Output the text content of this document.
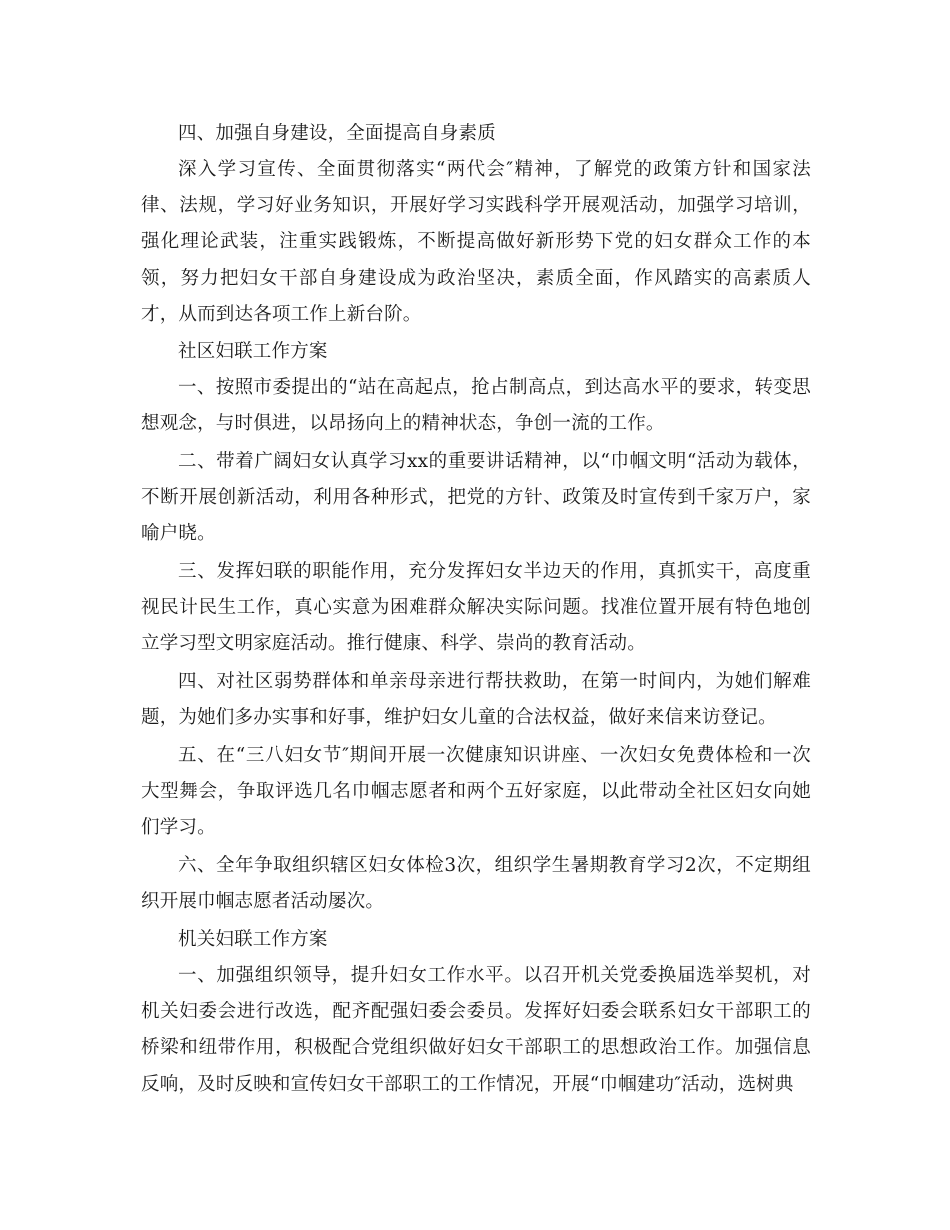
四、加强自身建设，全面提高自身素质

深入学习宣传、全面贯彻落实“两代会″精神，了解党的政策方针和国家法律、法规，学习好业务知识，开展好学习实践科学开展观活动，加强学习培训，强化理论武装，注重实践锻炼，不断提高做好新形势下党的妇女群众工作的本领，努力把妇女干部自身建设成为政治坚决，素质全面，作风踏实的高素质人才，从而到达各项工作上新台阶。

社区妇联工作方案

一、按照市委提出的“站在高起点，抢占制高点，到达高水平的要求，转变思想观念，与时俱进，以昂扬向上的精神状态，争创一流的工作。

二、带着广阔妇女认真学习xx的重要讲话精神，以“巾帼文明“活动为载体，不断开展创新活动，利用各种形式，把党的方针、政策及时宣传到千家万户，家喻户晓。

三、发挥妇联的职能作用，充分发挥妇女半边天的作用，真抓实干，高度重视民计民生工作，真心实意为困难群众解决实际问题。找准位置开展有特色地创立学习型文明家庭活动。推行健康、科学、崇尚的教育活动。

四、对社区弱势群体和单亲母亲进行帮扶救助，在第一时间内，为她们解难题，为她们多办实事和好事，维护妇女儿童的合法权益，做好来信来访登记。

五、在“三八妇女节″期间开展一次健康知识讲座、一次妇女免费体检和一次大型舞会，争取评选几名巾帼志愿者和两个五好家庭，以此带动全社区妇女向她们学习。

六、全年争取组织辖区妇女体检3次，组织学生暑期教育学习2次，不定期组织开展巾帼志愿者活动屡次。

机关妇联工作方案

一、加强组织领导，提升妇女工作水平。以召开机关党委换届选举契机，对机关妇委会进行改选，配齐配强妇委会委员。发挥好妇委会联系妇女干部职工的桥梁和纽带作用，积极配合党组织做好妇女干部职工的思想政治工作。加强信息反响，及时反映和宣传妇女干部职工的工作情况，开展“巾帼建功″活动，选树典
